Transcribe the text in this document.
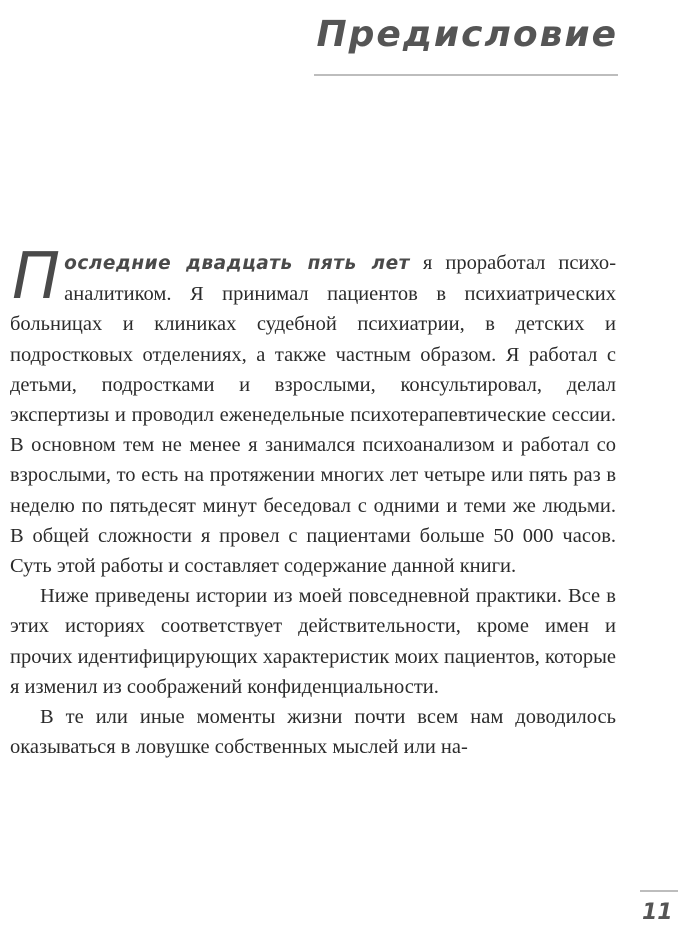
Предисловие

Последние двадцать пять лет я проработал психоаналитиком. Я принимал пациентов в психиатрических больницах и клиниках судебной психиатрии, в детских и подростковых отделениях, а также частным образом. Я работал с детьми, подростками и взрослыми, консультировал, делал экспертизы и проводил еженедельные психотерапевтические сессии. В основном тем не менее я занимался психоанализом и работал со взрослыми, то есть на протяжении многих лет четыре или пять раз в неделю по пятьдесят минут беседовал с одними и теми же людьми. В общей сложности я провел с пациентами больше 50 000 часов. Суть этой работы и составляет содержание данной книги.

Ниже приведены истории из моей повседневной практики. Все в этих историях соответствует действительности, кроме имен и прочих идентифицирующих характеристик моих пациентов, которые я изменил из соображений конфиденциальности.

В те или иные моменты жизни почти всем нам доводилось оказываться в ловушке собственных мыслей или на-

11
